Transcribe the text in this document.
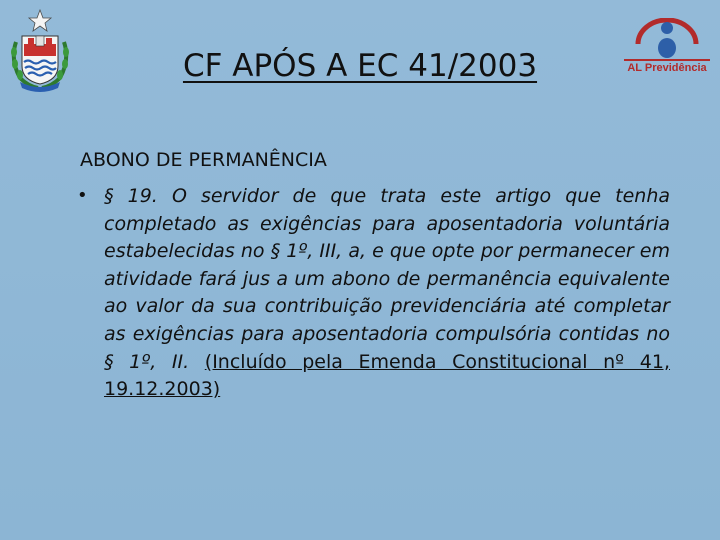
AL Previdência
CF APÓS A EC 41/2003
ABONO DE PERMANÊNCIA
• § 19. O servidor de que trata este artigo que tenha completado as exigências para aposentadoria voluntária estabelecidas no § 1º, III, a, e que opte por permanecer em atividade fará jus a um abono de permanência equivalente ao valor da sua contribuição previdenciária até completar as exigências para aposentadoria compulsória contidas no § 1º, II. (Incluído pela Emenda Constitucional nº 41, 19.12.2003)
